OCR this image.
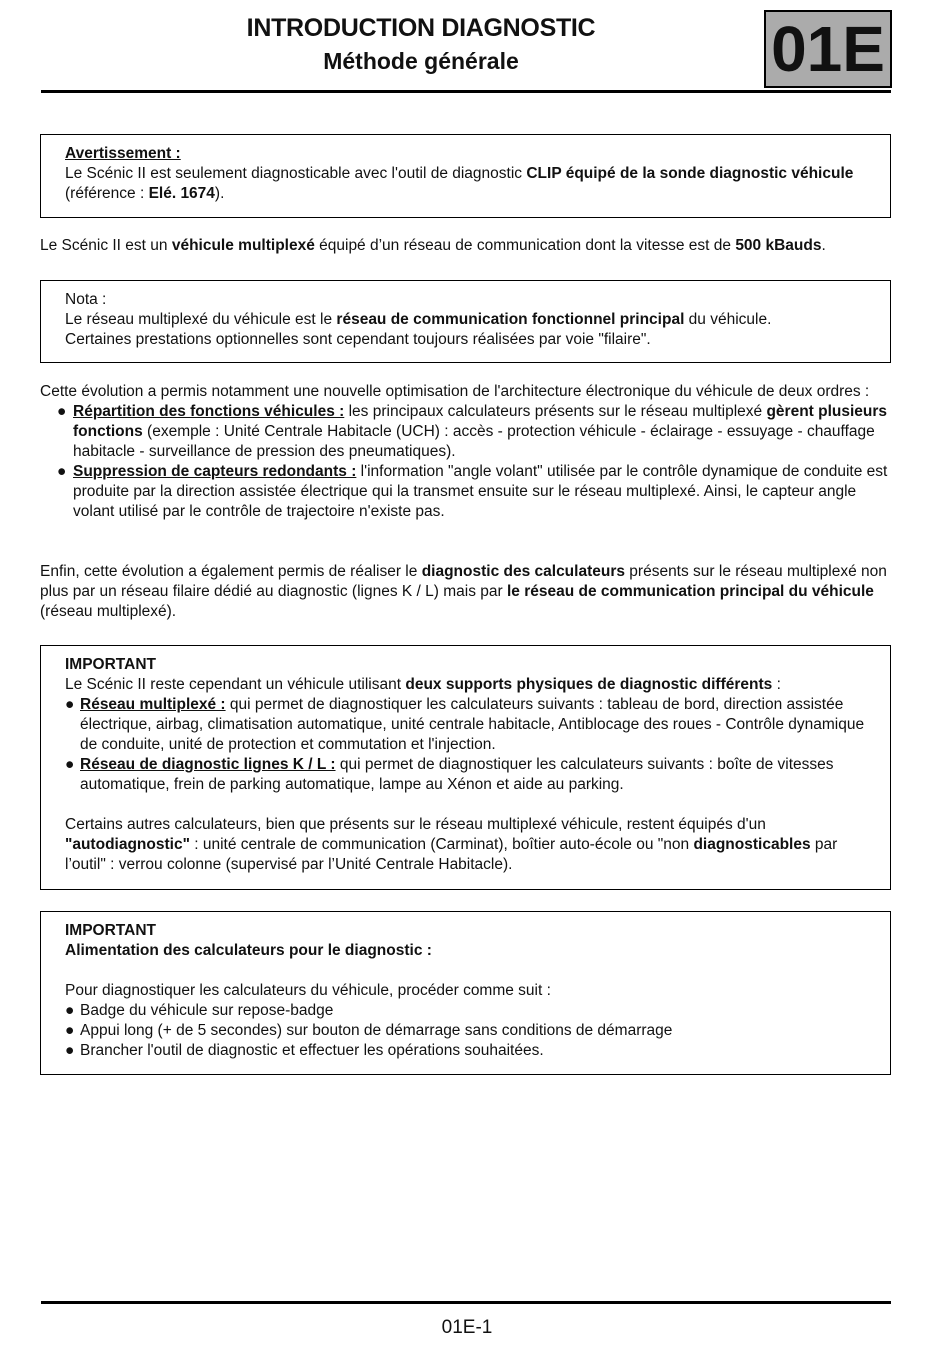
INTRODUCTION DIAGNOSTIC
Méthode générale	01E
Avertissement :
Le Scénic II est seulement diagnosticable avec l'outil de diagnostic CLIP équipé de la sonde diagnostic véhicule (référence : Elé. 1674).
Le Scénic II est un véhicule multiplexé équipé d’un réseau de communication dont la vitesse est de 500 kBauds.
Nota :
Le réseau multiplexé du véhicule est le réseau de communication fonctionnel principal du véhicule.
Certaines prestations optionnelles sont cependant toujours réalisées par voie "filaire".
Cette évolution a permis notamment une nouvelle optimisation de l'architecture électronique du véhicule de deux ordres :
● Répartition des fonctions véhicules : les principaux calculateurs présents sur le réseau multiplexé gèrent plusieurs fonctions (exemple : Unité Centrale Habitacle (UCH) : accès - protection véhicule - éclairage - essuyage - chauffage habitacle - surveillance de pression des pneumatiques).
● Suppression de capteurs redondants : l'information "angle volant" utilisée par le contrôle dynamique de conduite est produite par la direction assistée électrique qui la transmet ensuite sur le réseau multiplexé. Ainsi, le capteur angle volant utilisé par le contrôle de trajectoire n'existe pas.
Enfin, cette évolution a également permis de réaliser le diagnostic des calculateurs présents sur le réseau multiplexé non plus par un réseau filaire dédié au diagnostic (lignes K / L) mais par le réseau de communication principal du véhicule (réseau multiplexé).
IMPORTANT
Le Scénic II reste cependant un véhicule utilisant deux supports physiques de diagnostic différents :
● Réseau multiplexé : qui permet de diagnostiquer les calculateurs suivants : tableau de bord, direction assistée électrique, airbag, climatisation automatique, unité centrale habitacle, Antiblocage des roues - Contrôle dynamique de conduite, unité de protection et commutation et l'injection.
● Réseau de diagnostic lignes K / L : qui permet de diagnostiquer les calculateurs suivants : boîte de vitesses automatique, frein de parking automatique, lampe au Xénon et aide au parking.
Certains autres calculateurs, bien que présents sur le réseau multiplexé véhicule, restent équipés d'un "autodiagnostic" : unité centrale de communication (Carminat), boîtier auto-école ou "non diagnosticables par l’outil" : verrou colonne (supervisé par l’Unité Centrale Habitacle).
IMPORTANT
Alimentation des calculateurs pour le diagnostic :
Pour diagnostiquer les calculateurs du véhicule, procéder comme suit :
● Badge du véhicule sur repose-badge
● Appui long (+ de 5 secondes) sur bouton de démarrage sans conditions de démarrage
● Brancher l'outil de diagnostic et effectuer les opérations souhaitées.
01E-1
